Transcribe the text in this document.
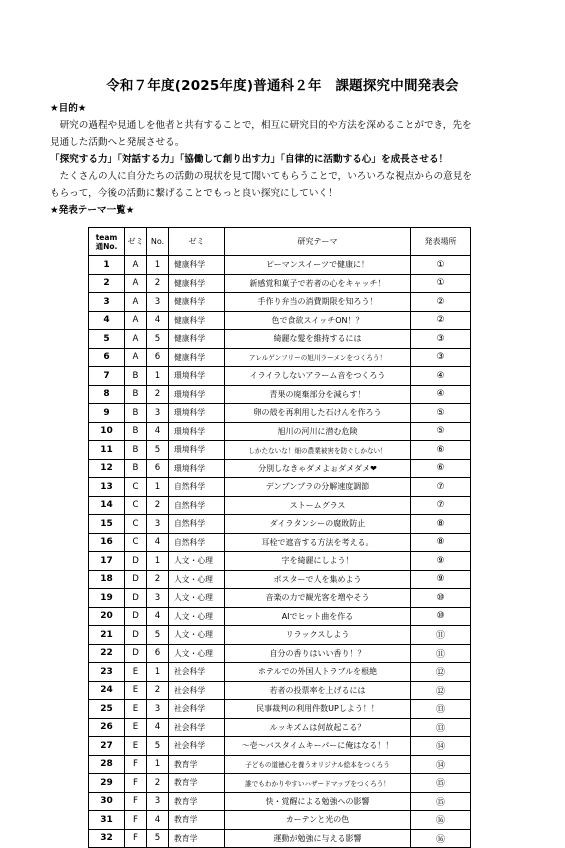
令和７年度(2025年度)普通科２年　課題探究中間発表会

★目的★

　研究の過程や見通しを他者と共有することで，相互に研究目的や方法を深めることができ，先を

見通した活動へと発展させる。

「探究する力」「対話する力」「協働して創り出す力」「自律的に活動する心」を成長させる！

　たくさんの人に自分たちの活動の現状を見て聞いてもらうことで，いろいろな視点からの意見を

もらって，今後の活動に繋げることでもっと良い探究にしていく！

★発表テーマ一覧★

team
通No.	ゼミ	No.	ゼミ	研究テーマ	発表場所
1	A	1	健康科学	ピーマンスイーツで健康に！	①
2	A	2	健康科学	新感覚和菓子で若者の心をキャッチ！	①
3	A	3	健康科学	手作り弁当の消費期限を知ろう！	②
4	A	4	健康科学	色で食欲スイッチON！？	②
5	A	5	健康科学	綺麗な髪を維持するには	③
6	A	6	健康科学	アレルゲンフリーの旭川ラーメンをつくろう！	③
7	B	1	環境科学	イライラしないアラーム音をつくろう	④
8	B	2	環境科学	青果の廃棄部分を減らす！	④
9	B	3	環境科学	卵の殻を再利用した石けんを作ろう	⑤
10	B	4	環境科学	旭川の河川に潜む危険	⑤
11	B	5	環境科学	しかたないな！畑の農業被害を防ぐしかない！	⑥
12	B	6	環境科学	分別しなきゃダメよぉダメダメ❤	⑥
13	C	1	自然科学	デンプンプラの分解速度調節	⑦
14	C	2	自然科学	ストームグラス	⑦
15	C	3	自然科学	ダイラタンシーの腐敗防止	⑧
16	C	4	自然科学	耳栓で遮音する方法を考える。	⑧
17	D	1	人文・心理	字を綺麗にしよう！	⑨
18	D	2	人文・心理	ポスターで人を集めよう	⑨
19	D	3	人文・心理	音楽の力で観光客を増やそう	⑩
20	D	4	人文・心理	AIでヒット曲を作る	⑩
21	D	5	人文・心理	リラックスしよう	⑪
22	D	6	人文・心理	自分の香りはいい香り！？	⑪
23	E	1	社会科学	ホテルでの外国人トラブルを根絶	⑫
24	E	2	社会科学	若者の投票率を上げるには	⑫
25	E	3	社会科学	民事裁判の利用件数UPしよう！！	⑬
26	E	4	社会科学	ルッキズムは何故起こる？	⑬
27	E	5	社会科学	～壱～バスタイムキーパーに俺はなる！！	⑭
28	F	1	教育学	子どもの道徳心を養うオリジナル絵本をつくろう	⑭
29	F	2	教育学	誰でもわかりやすいハザードマップをつくろう！	⑮
30	F	3	教育学	快・覚醒による勉強への影響	⑮
31	F	4	教育学	カーテンと光の色	⑯
32	F	5	教育学	運動が勉強に与える影響	⑯
